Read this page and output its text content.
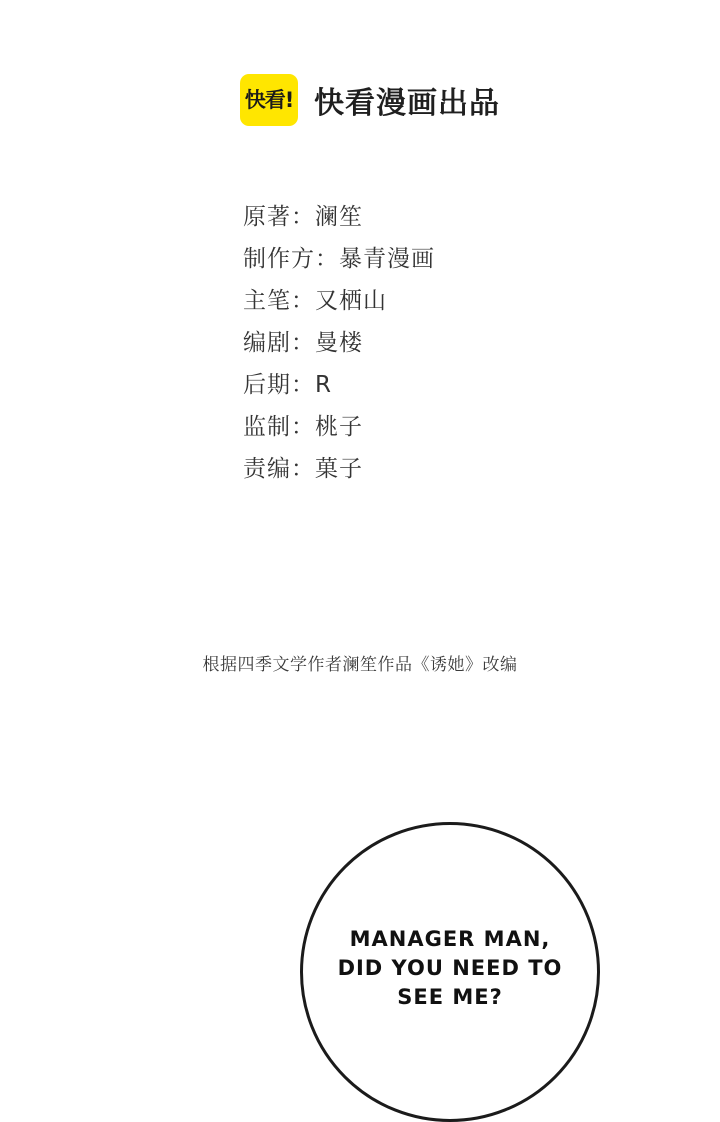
快看! 快看漫画出品
原著：澜笙
制作方：暴青漫画
主笔：又栖山
编剧：曼楼
后期：R
监制：桃子
责编：菓子
根据四季文学作者澜笙作品《诱她》改编
MANAGER MAN,
DID YOU NEED TO
SEE ME?
